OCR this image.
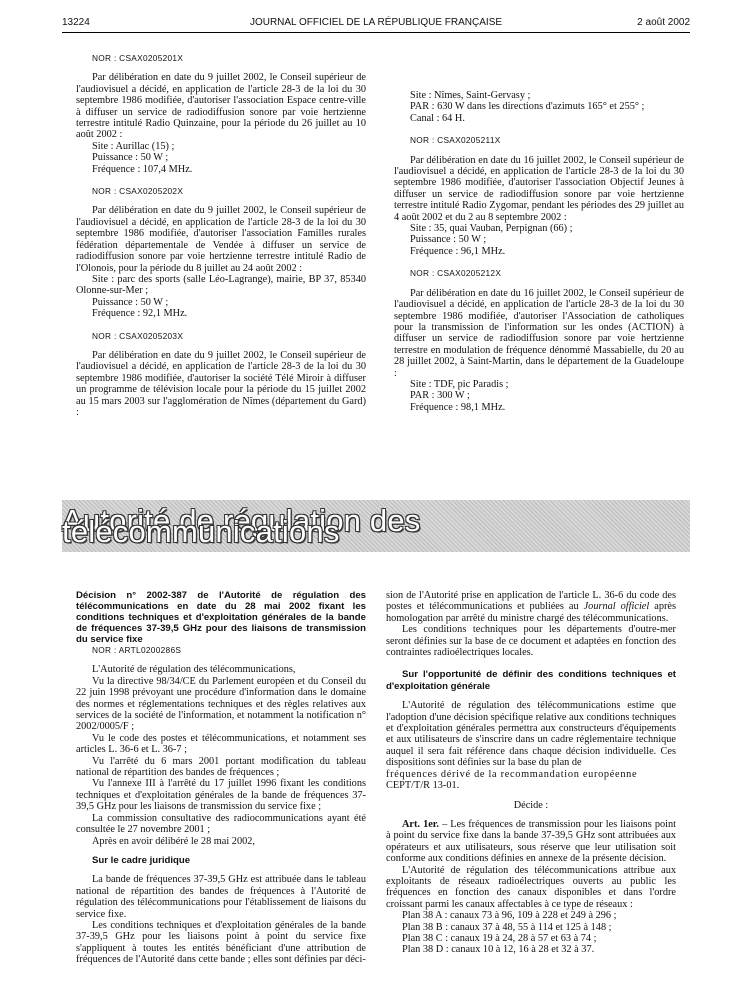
13224	JOURNAL OFFICIEL DE LA RÉPUBLIQUE FRANÇAISE	2 août 2002

NOR : CSAX0205201X

Par délibération en date du 9 juillet 2002, le Conseil supérieur de l'audiovisuel a décidé, en application de l'article 28-3 de la loi du 30 septembre 1986 modifiée, d'autoriser l'association Espace centre-ville à diffuser un service de radiodiffusion sonore par voie hertzienne terrestre intitulé Radio Quinzaine, pour la période du 26 juillet au 10 août 2002 :

Site : Aurillac (15) ;

Puissance : 50 W ;

Fréquence : 107,4 MHz.

NOR : CSAX0205202X

Par délibération en date du 9 juillet 2002, le Conseil supérieur de l'audiovisuel a décidé, en application de l'article 28-3 de la loi du 30 septembre 1986 modifiée, d'autoriser l'association Familles rurales fédération départementale de Vendée à diffuser un service de radiodiffusion sonore par voie hertzienne terrestre intitulé Radio de l'Olonois, pour la période du 8 juillet au 24 août 2002 :

Site : parc des sports (salle Léo-Lagrange), mairie, BP 37, 85340 Olonne-sur-Mer ;

Puissance : 50 W ;

Fréquence : 92,1 MHz.

NOR : CSAX0205203X

Par délibération en date du 9 juillet 2002, le Conseil supérieur de l'audiovisuel a décidé, en application de l'article 28-3 de la loi du 30 septembre 1986 modifiée, d'autoriser la société Télé Miroir à diffuser un programme de télévision locale pour la période du 15 juillet 2002 au 15 mars 2003 sur l'agglomération de Nîmes (département du Gard) :

Site : Nîmes, Saint-Gervasy ;

PAR : 630 W dans les directions d'azimuts 165° et 255° ;

Canal : 64 H.

NOR : CSAX0205211X

Par délibération en date du 16 juillet 2002, le Conseil supérieur de l'audiovisuel a décidé, en application de l'article 28-3 de la loi du 30 septembre 1986 modifiée, d'autoriser l'association Objectif Jeunes à diffuser un service de radiodiffusion sonore par voie hertzienne terrestre intitulé Radio Zygomar, pendant les périodes des 29 juillet au 4 août 2002 et du 2 au 8 septembre 2002 :

Site : 35, quai Vauban, Perpignan (66) ;

Puissance : 50 W ;

Fréquence : 96,1 MHz.

NOR : CSAX0205212X

Par délibération en date du 16 juillet 2002, le Conseil supérieur de l'audiovisuel a décidé, en application de l'article 28-3 de la loi du 30 septembre 1986 modifiée, d'autoriser l'Association de catholiques pour la transmission de l'information sur les ondes (ACTION) à diffuser un service de radiodiffusion sonore par voie hertzienne terrestre en modulation de fréquence dénommé Massabielle, du 20 au 28 juillet 2002, à Saint-Martin, dans le département de la Guadeloupe :

Site : TDF, pic Paradis ;

PAR : 300 W ;

Fréquence : 98,1 MHz.

Autorité de régulation des télécommunications

Décision n° 2002-387 de l'Autorité de régulation des télécommunications en date du 28 mai 2002 fixant les conditions techniques et d'exploitation générales de la bande de fréquences 37-39,5 GHz pour des liaisons de transmission du service fixe

NOR : ARTL0200286S

L'Autorité de régulation des télécommunications,

Vu la directive 98/34/CE du Parlement européen et du Conseil du 22 juin 1998 prévoyant une procédure d'information dans le domaine des normes et réglementations techniques et des règles relatives aux services de la société de l'information, et notamment la notification n° 2002/0005/F ;

Vu le code des postes et télécommunications, et notamment ses articles L. 36-6 et L. 36-7 ;

Vu l'arrêté du 6 mars 2001 portant modification du tableau national de répartition des bandes de fréquences ;

Vu l'annexe III à l'arrêté du 17 juillet 1996 fixant les conditions techniques et d'exploitation générales de la bande de fréquences 37-39,5 GHz pour les liaisons de transmission du service fixe ;

La commission consultative des radiocommunications ayant été consultée le 27 novembre 2001 ;

Après en avoir délibéré le 28 mai 2002,

Sur le cadre juridique

La bande de fréquences 37-39,5 GHz est attribuée dans le tableau national de répartition des bandes de fréquences à l'Autorité de régulation des télécommunications pour l'établissement de liaisons du service fixe.

Les conditions techniques et d'exploitation générales de la bande 37-39,5 GHz pour les liaisons point à point du service fixe s'appliquent à toutes les entités bénéficiant d'une attribution de fréquences de l'Autorité dans cette bande ; elles sont définies par déci-

sion de l'Autorité prise en application de l'article L. 36-6 du code des postes et télécommunications et publiées au Journal officiel après homologation par arrêté du ministre chargé des télécommunications.

Les conditions techniques pour les départements d'outre-mer seront définies sur la base de ce document et adaptées en fonction des contraintes radioélectriques locales.

Sur l'opportunité de définir des conditions techniques et d'exploitation générale

L'Autorité de régulation des télécommunications estime que l'adoption d'une décision spécifique relative aux conditions techniques et d'exploitation générales permettra aux constructeurs d'équipements et aux utilisateurs de s'inscrire dans un cadre réglementaire technique auquel il sera fait référence dans chaque décision individuelle. Ces dispositions sont définies sur la base du plan de

fréquences dérivé de la recommandation européenne

CEPT/T/R 13-01.

Décide :

Art. 1er. – Les fréquences de transmission pour les liaisons point à point du service fixe dans la bande 37-39,5 GHz sont attribuées aux opérateurs et aux utilisateurs, sous réserve que leur utilisation soit conforme aux conditions définies en annexe de la présente décision.

L'Autorité de régulation des télécommunications attribue aux exploitants de réseaux radioélectriques ouverts au public les fréquences en fonction des canaux disponibles et dans l'ordre croissant parmi les canaux affectables à ce type de réseaux :

Plan 38 A : canaux 73 à 96, 109 à 228 et 249 à 296 ;

Plan 38 B : canaux 37 à 48, 55 à 114 et 125 à 148 ;

Plan 38 C : canaux 19 à 24, 28 à 57 et 63 à 74 ;

Plan 38 D : canaux 10 à 12, 16 à 28 et 32 à 37.
